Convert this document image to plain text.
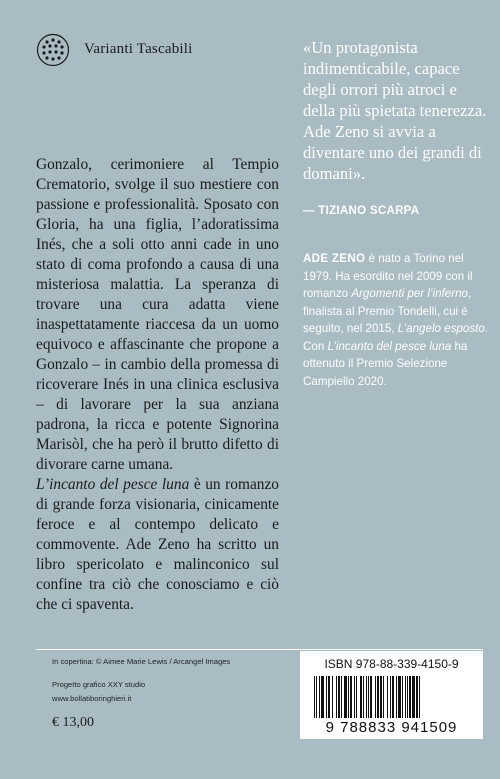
Varianti Tascabili	«Un protagonista indimenticabile, capace degli orrori più atroci e della più spietata tenerezza. Ade Zeno si avvia a diventare uno dei grandi di domani».
— TIZIANO SCARPA
ADE ZENO è nato a Torino nel 1979. Ha esordito nel 2009 con il romanzo Argomenti per l’inferno, finalista al Premio Tondelli, cui è seguito, nel 2015, L’angelo esposto. Con L’incanto del pesce luna ha ottenuto il Premio Selezione Campiello 2020.

Gonzalo, cerimoniere al Tempio Crematorio, svolge il suo mestiere con passione e professionalità. Sposato con Gloria, ha una figlia, l’adoratissima Inés, che a soli otto anni cade in uno stato di coma profondo a causa di una misteriosa malattia. La speranza di trovare una cura adatta viene inaspettatamente riaccesa da un uomo equivoco e affascinante che propone a Gonzalo – in cambio della promessa di ricoverare Inés in una clinica esclusiva – di lavorare per la sua anziana padrona, la ricca e potente Signorina Marisòl, che ha però il brutto difetto di divorare carne umana.

L’incanto del pesce luna è un romanzo di grande forza visionaria, cinicamente feroce e al contempo delicato e commovente. Ade Zeno ha scritto un libro spericolato e malinconico sul confine tra ciò che conosciamo e ciò che ci spaventa.

In copertina: © Aimee Marie Lewis / Arcangel Images
Progetto grafico XXY studio
www.bollatiboringhieri.it
€ 13,00
ISBN 978-88-339-4150-9
9 788833 941509
